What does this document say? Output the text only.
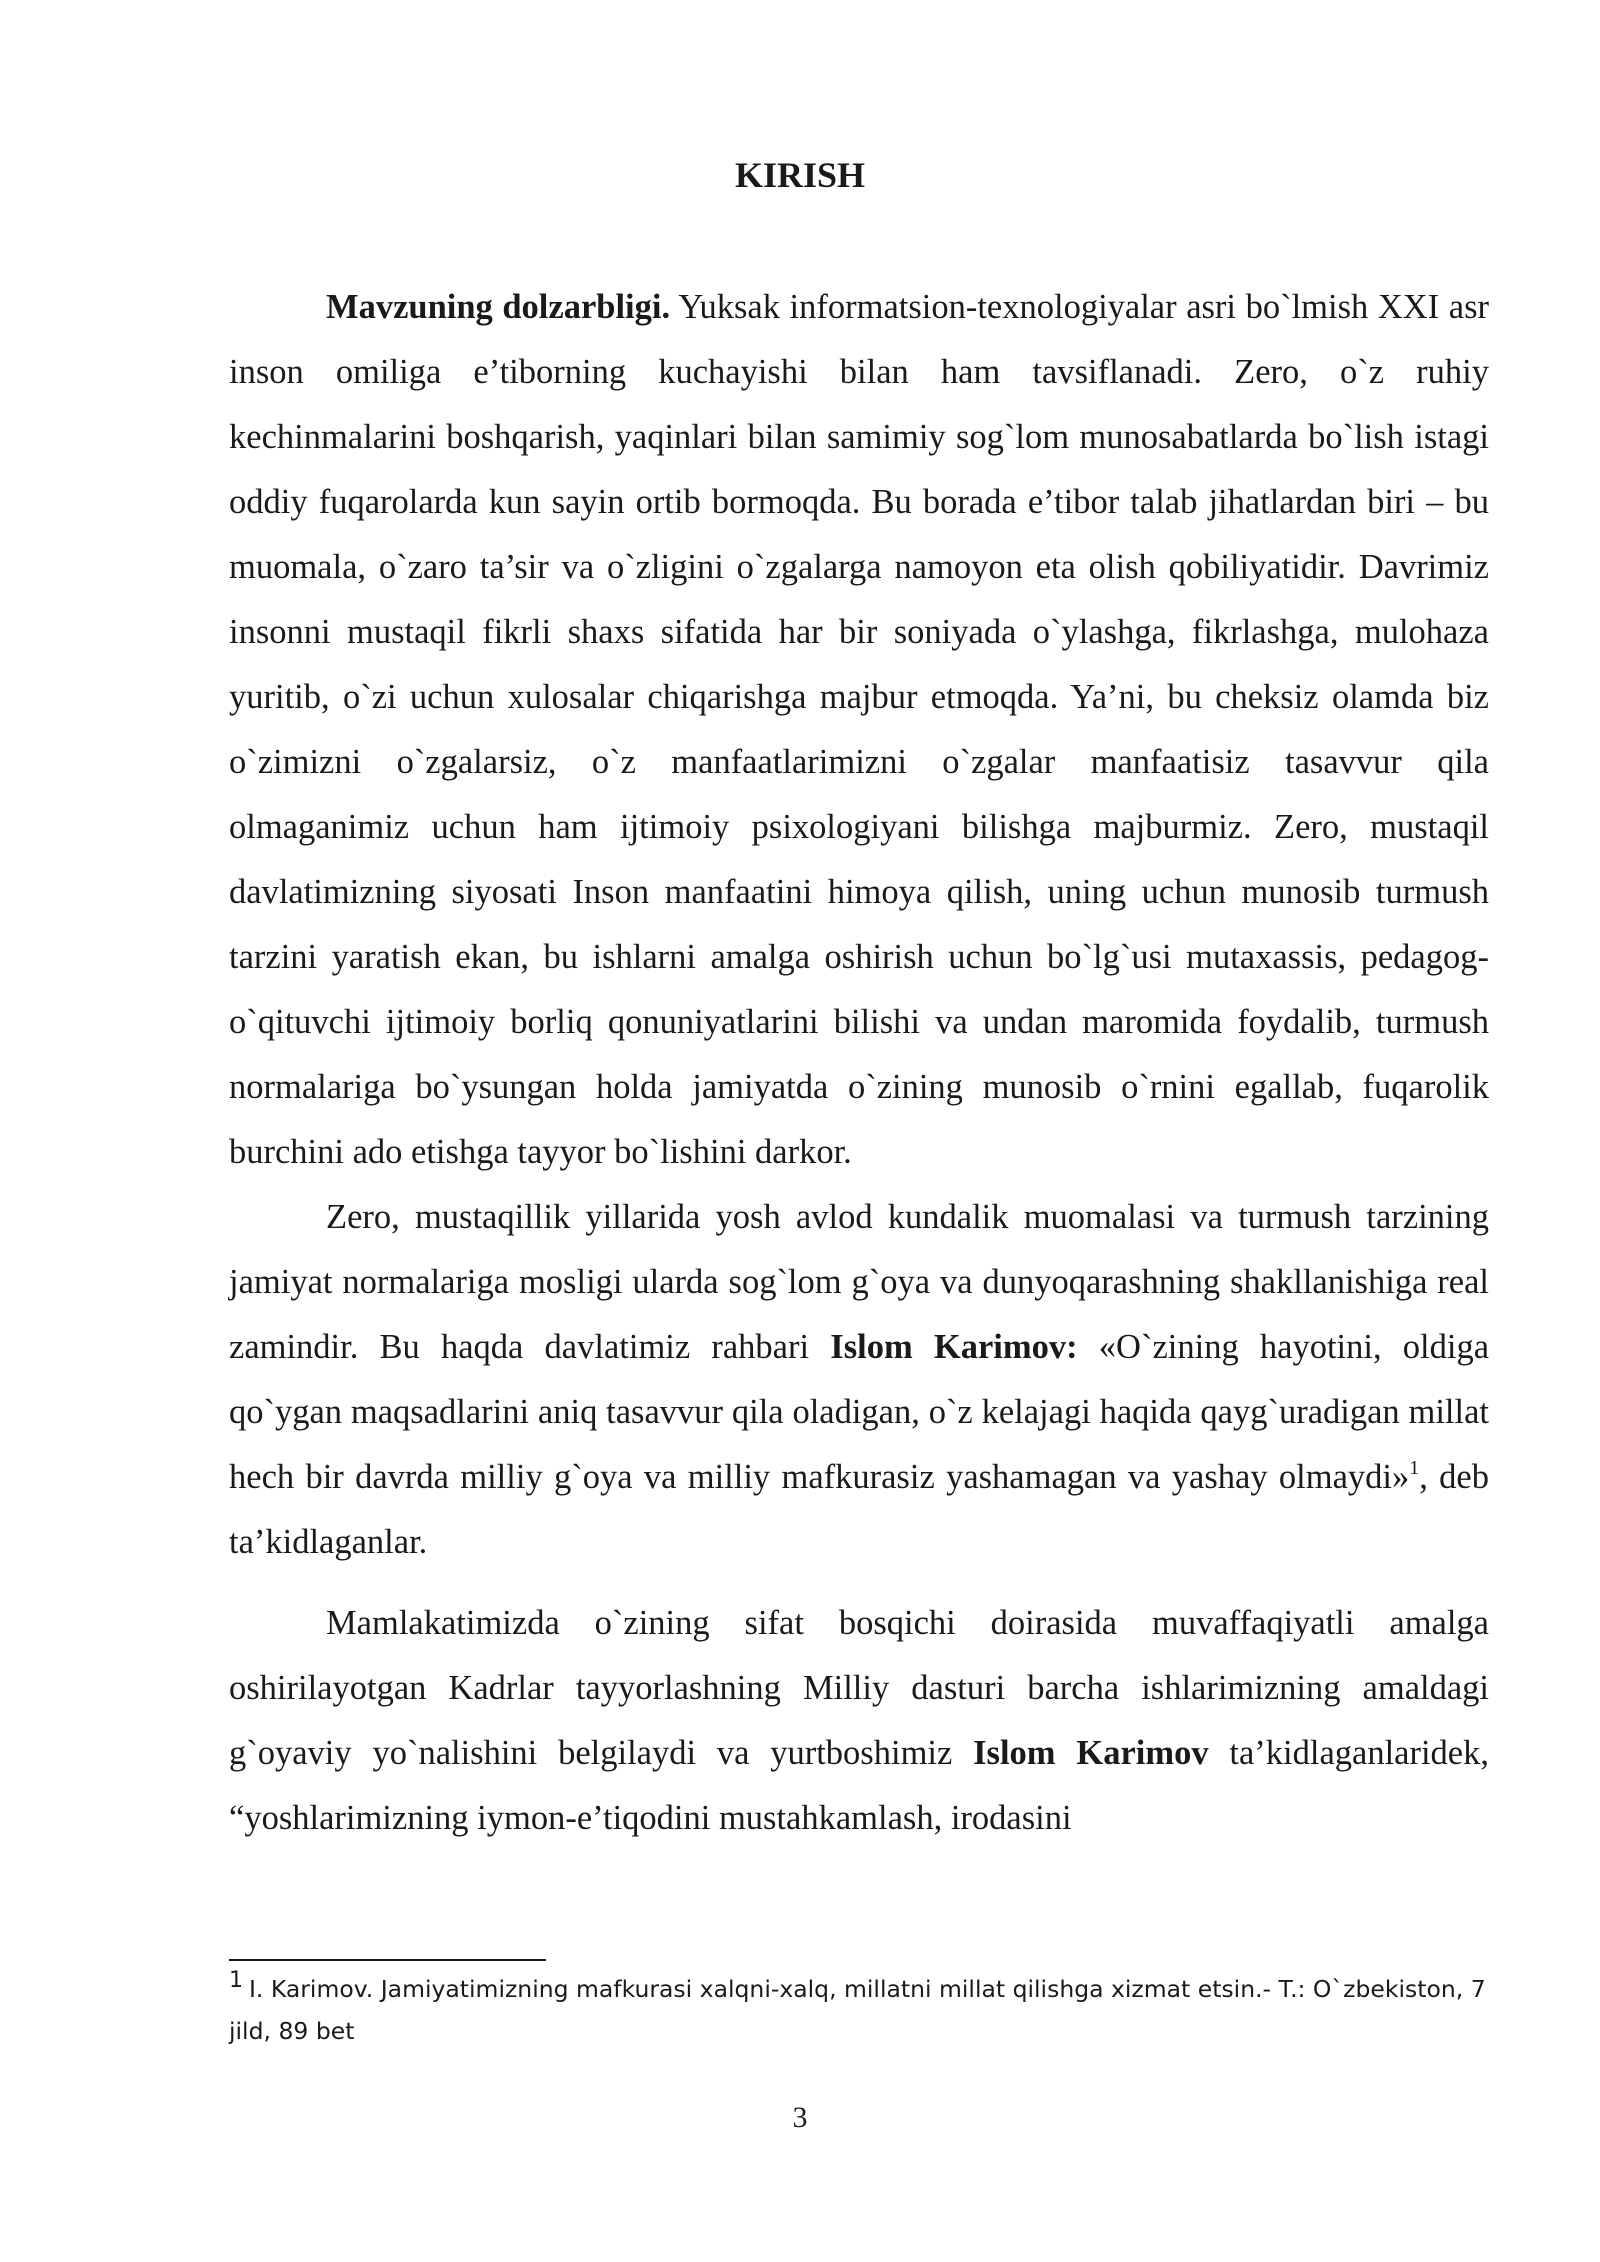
KIRISH

Mavzuning dolzarbligi. Yuksak informatsion-texnologiyalar asri bo`lmish XXI asr inson omiliga e’tiborning kuchayishi bilan ham tavsiflanadi. Zero, o`z ruhiy kechinmalarini boshqarish, yaqinlari bilan samimiy sog`lom munosabatlarda bo`lish istagi oddiy fuqarolarda kun sayin ortib bormoqda. Bu borada e’tibor talab jihatlardan biri – bu muomala, o`zaro ta’sir va o`zligini o`zgalarga namoyon eta olish qobiliyatidir. Davrimiz insonni mustaqil fikrli shaxs sifatida har bir soniyada o`ylashga, fikrlashga, mulohaza yuritib, o`zi uchun xulosalar chiqarishga majbur etmoqda. Ya’ni, bu cheksiz olamda biz o`zimizni o`zgalarsiz, o`z manfaatlarimizni o`zgalar manfaatisiz tasavvur qila olmaganimiz uchun ham ijtimoiy psixologiyani bilishga majburmiz. Zero, mustaqil davlatimizning siyosati Inson manfaatini himoya qilish, uning uchun munosib turmush tarzini yaratish ekan, bu ishlarni amalga oshirish uchun bo`lg`usi mutaxassis, pedagog-o`qituvchi ijtimoiy borliq qonuniyatlarini bilishi va undan maromida foydalib, turmush normalariga bo`ysungan holda jamiyatda o`zining munosib o`rnini egallab, fuqarolik burchini ado etishga tayyor bo`lishini darkor.

Zero, mustaqillik yillarida yosh avlod kundalik muomalasi va turmush tarzining jamiyat normalariga mosligi ularda sog`lom g`oya va dunyoqarashning shakllanishiga real zamindir. Bu haqda davlatimiz rahbari Islom Karimov: «O`zining hayotini, oldiga qo`ygan maqsadlarini aniq tasavvur qila oladigan, o`z kelajagi haqida qayg`uradigan millat hech bir davrda milliy g`oya va milliy mafkurasiz yashamagan va yashay olmaydi»$^1$, deb ta’kidlaganlar.

Mamlakatimizda o`zining sifat bosqichi doirasida muvaffaqiyatli amalga oshirilayotgan Kadrlar tayyorlashning Milliy dasturi barcha ishlarimizning amaldagi g`oyaviy yo`nalishini belgilaydi va yurtboshimiz Islom Karimov ta’kidlaganlaridek, “yoshlarimizning iymon-e’tiqodini mustahkamlash, irodasini

1 I. Karimov. Jamiyatimizning mafkurasi xalqni-xalq, millatni millat qilishga xizmat etsin.- T.: O`zbekiston, 7 jild, 89 bet
3
